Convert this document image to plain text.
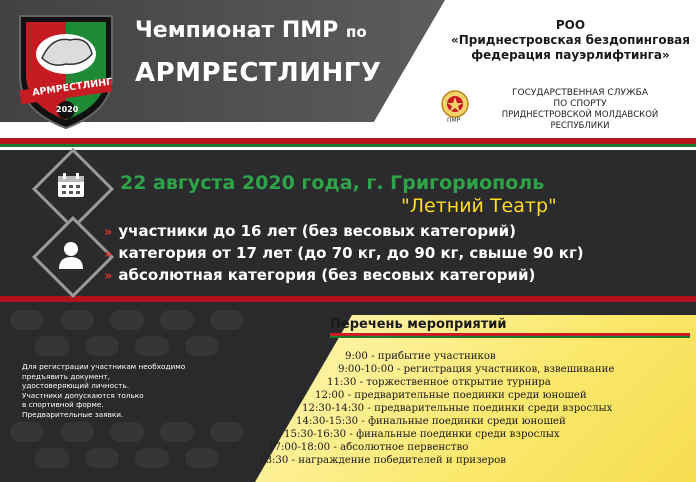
АРМРЕСТЛИНГ
2020
Чемпионат ПМР по
АРМРЕСТЛИНГУ
РОО
«Приднестровская бездопинговая
федерация пауэрлифтинга»
ПМР
ГОСУДАРСТВЕННАЯ СЛУЖБА
ПО СПОРТУ
ПРИДНЕСТРОВСКОЙ МОЛДАВСКОЙ
РЕСПУБЛИКИ
22 августа 2020 года, г. Григориополь
"Летний Театр"
» участники до 16 лет (без весовых категорий)
» категория от 17 лет (до 70 кг, до 90 кг, свыше 90 кг)
» абсолютная категория (без весовых категорий)
Для регистрации участникам необходимо
предъявить документ,
удостоверяющий личность.
Участники допускаются только
в спортивной форме.
Предварительные заявки.
Перечень мероприятий
9:00 - прибытие участников
9:00-10:00 - регистрация участников, взвешивание
11:30 - торжественное открытие турнира
12:00 - предварительные поединки среди юношей
12:30-14:30 - предварительные поединки среди взрослых
14:30-15:30 - финальные поединки среди юношей
15:30-16:30 - финальные поединки среди взрослых
17:00-18:00 - абсолютное первенство
18:30 - награждение победителей и призеров
